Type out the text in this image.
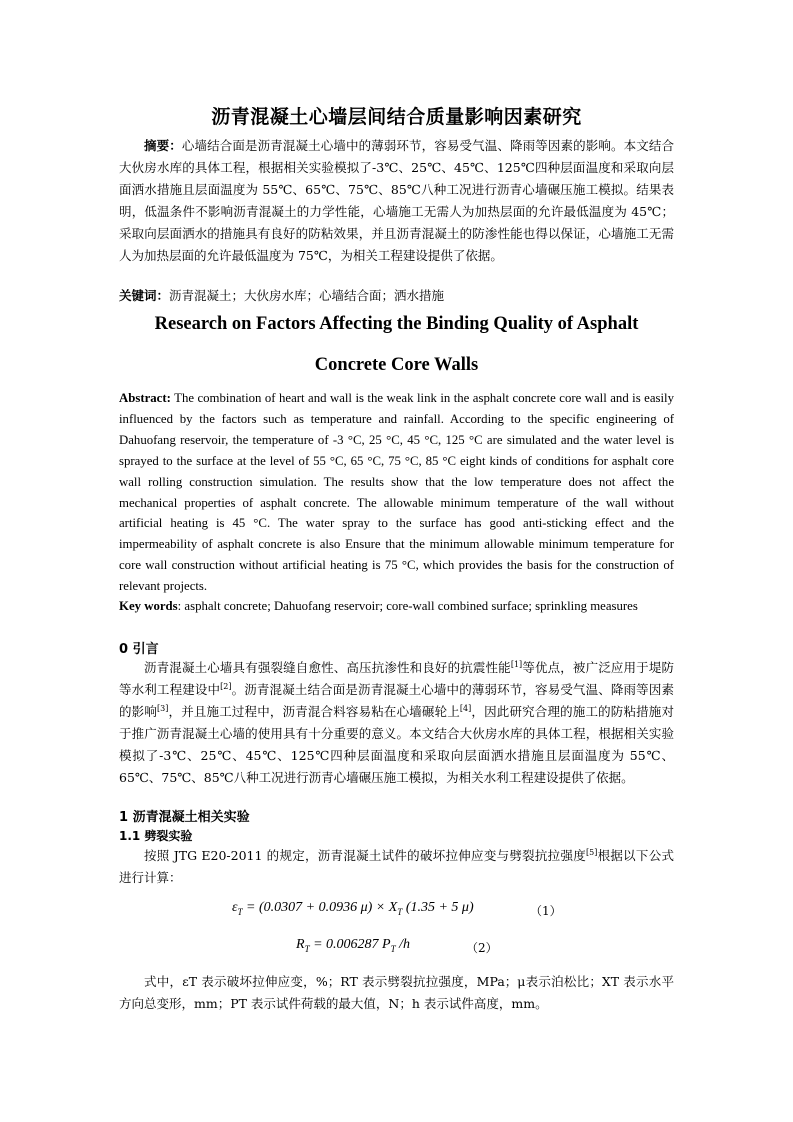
沥青混凝土心墙层间结合质量影响因素研究

摘要：心墙结合面是沥青混凝土心墙中的薄弱环节，容易受气温、降雨等因素的影响。本文结合大伙房水库的具体工程，根据相关实验模拟了-3℃、25℃、45℃、125℃四种层面温度和采取向层面洒水措施且层面温度为 55℃、65℃、75℃、85℃八种工况进行沥青心墙碾压施工模拟。结果表明，低温条件不影响沥青混凝土的力学性能，心墙施工无需人为加热层面的允许最低温度为 45℃；采取向层面洒水的措施具有良好的防粘效果，并且沥青混凝土的防渗性能也得以保证，心墙施工无需人为加热层面的允许最低温度为 75℃，为相关工程建设提供了依据。

关键词：沥青混凝土；大伙房水库；心墙结合面；洒水措施
Research on Factors Affecting the Binding Quality of Asphalt
Concrete Core Walls

Abstract: The combination of heart and wall is the weak link in the asphalt concrete core wall and is easily influenced by the factors such as temperature and rainfall. According to the specific engineering of Dahuofang reservoir, the temperature of -3 °C, 25 °C, 45 °C, 125 °C are simulated and the water level is sprayed to the surface at the level of 55 °C, 65 °C, 75 °C, 85 °C eight kinds of conditions for asphalt core wall rolling construction simulation. The results show that the low temperature does not affect the mechanical properties of asphalt concrete. The allowable minimum temperature of the wall without artificial heating is 45 °C. The water spray to the surface has good anti-sticking effect and the impermeability of asphalt concrete is also Ensure that the minimum allowable minimum temperature for core wall construction without artificial heating is 75 °C, which provides the basis for the construction of relevant projects.

Key words: asphalt concrete; Dahuofang reservoir; core-wall combined surface; sprinkling measures

0 引言

沥青混凝土心墙具有强裂缝自愈性、高压抗渗性和良好的抗震性能[1]等优点，被广泛应用于堤防等水利工程建设中[2]。沥青混凝土结合面是沥青混凝土心墙中的薄弱环节，容易受气温、降雨等因素的影响[3]，并且施工过程中，沥青混合料容易粘在心墙碾轮上[4]，因此研究合理的施工的防粘措施对于推广沥青混凝土心墙的使用具有十分重要的意义。本文结合大伙房水库的具体工程，根据相关实验模拟了-3℃、25℃、45℃、125℃四种层面温度和采取向层面洒水措施且层面温度为 55℃、65℃、75℃、85℃八种工况进行沥青心墙碾压施工模拟，为相关水利工程建设提供了依据。

1 沥青混凝土相关实验
1.1 劈裂实验

按照 JTG E20-2011 的规定，沥青混凝土试件的破坏拉伸应变与劈裂抗拉强度[5]根据以下公式进行计算：

$\varepsilon_T = (0.0307 + 0.0936$ $\mu) \times X_T$ (1.35 + 5 μ)	（1）
$R_T = 0.006287$ $P_T$ /h	（2）

式中，εT 表示破坏拉伸应变，%；RT 表示劈裂抗拉强度，MPa；μ表示泊松比；XT 表示水平方向总变形，mm；PT 表示试件荷载的最大值，N；h 表示试件高度，mm。
